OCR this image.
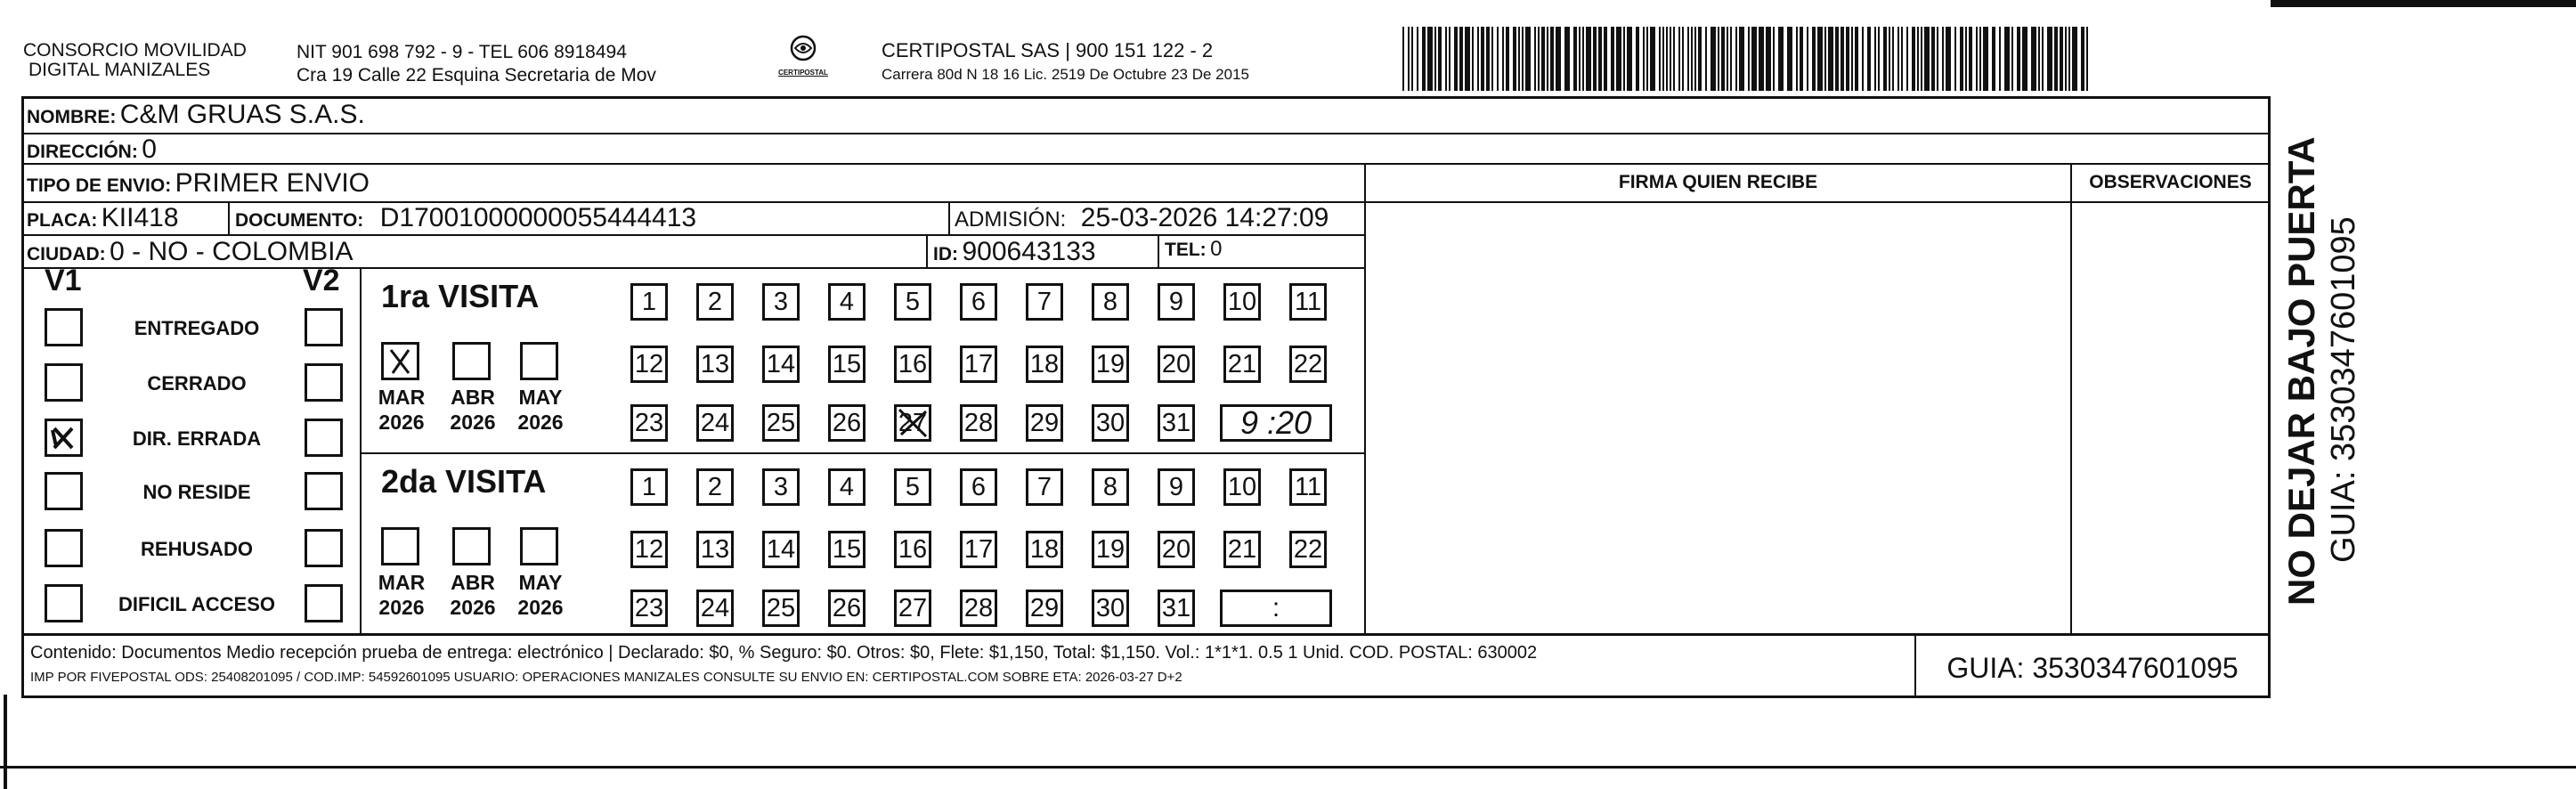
CONSORCIO MOVILIDAD
DIGITAL MANIZALES
NIT 901 698 792 - 9 - TEL 606 8918494
Cra 19 Calle 22 Esquina Secretaria de Mov	CERTIPOSTAL
CERTIPOSTAL SAS | 900 151 122 - 2
Carrera 80d N 18 16 Lic. 2519 De Octubre 23 De 2015
NOMBRE: C&M GRUAS S.A.S.
DIRECCIÓN: 0
TIPO DE ENVIO: PRIMER ENVIO	FIRMA QUIEN RECIBE	OBSERVACIONES
PLACA: KII418	DOCUMENTO: D17001000000055444413	ADMISIÓN: 25-03-2026 14:27:09
CIUDAD: 0 - NO - COLOMBIA	ID: 900643133	TEL: 0
V1	V2
ENTREGADO
CERRADO
DIR. ERRADA
NO RESIDE
REHUSADO
DIFICIL ACCESO
1ra VISITA
MAR
2026
ABR
2026
MAY
2026
1 2 3 4 5 6 7 8 9 10 11
12 13 14 15 16 17 18 19 20 21 22
23 24 25 26 27 28 29 30 31	9 :20
2da VISITA
MAR
2026
ABR
2026
MAY
2026
1 2 3 4 5 6 7 8 9 10 11
12 13 14 15 16 17 18 19 20 21 22
23 24 25 26 27 28 29 30 31	:
Contenido: Documentos Medio recepción prueba de entrega: electrónico | Declarado: $0, % Seguro: $0. Otros: $0, Flete: $1,150, Total: $1,150. Vol.: 1*1*1. 0.5 1 Unid. COD. POSTAL: 630002
IMP POR FIVEPOSTAL ODS: 25408201095 / COD.IMP: 54592601095 USUARIO: OPERACIONES MANIZALES CONSULTE SU ENVIO EN: CERTIPOSTAL.COM SOBRE ETA: 2026-03-27 D+2	GUIA: 3530347601095
NO DEJAR BAJO PUERTA GUIA: 3530347601095
